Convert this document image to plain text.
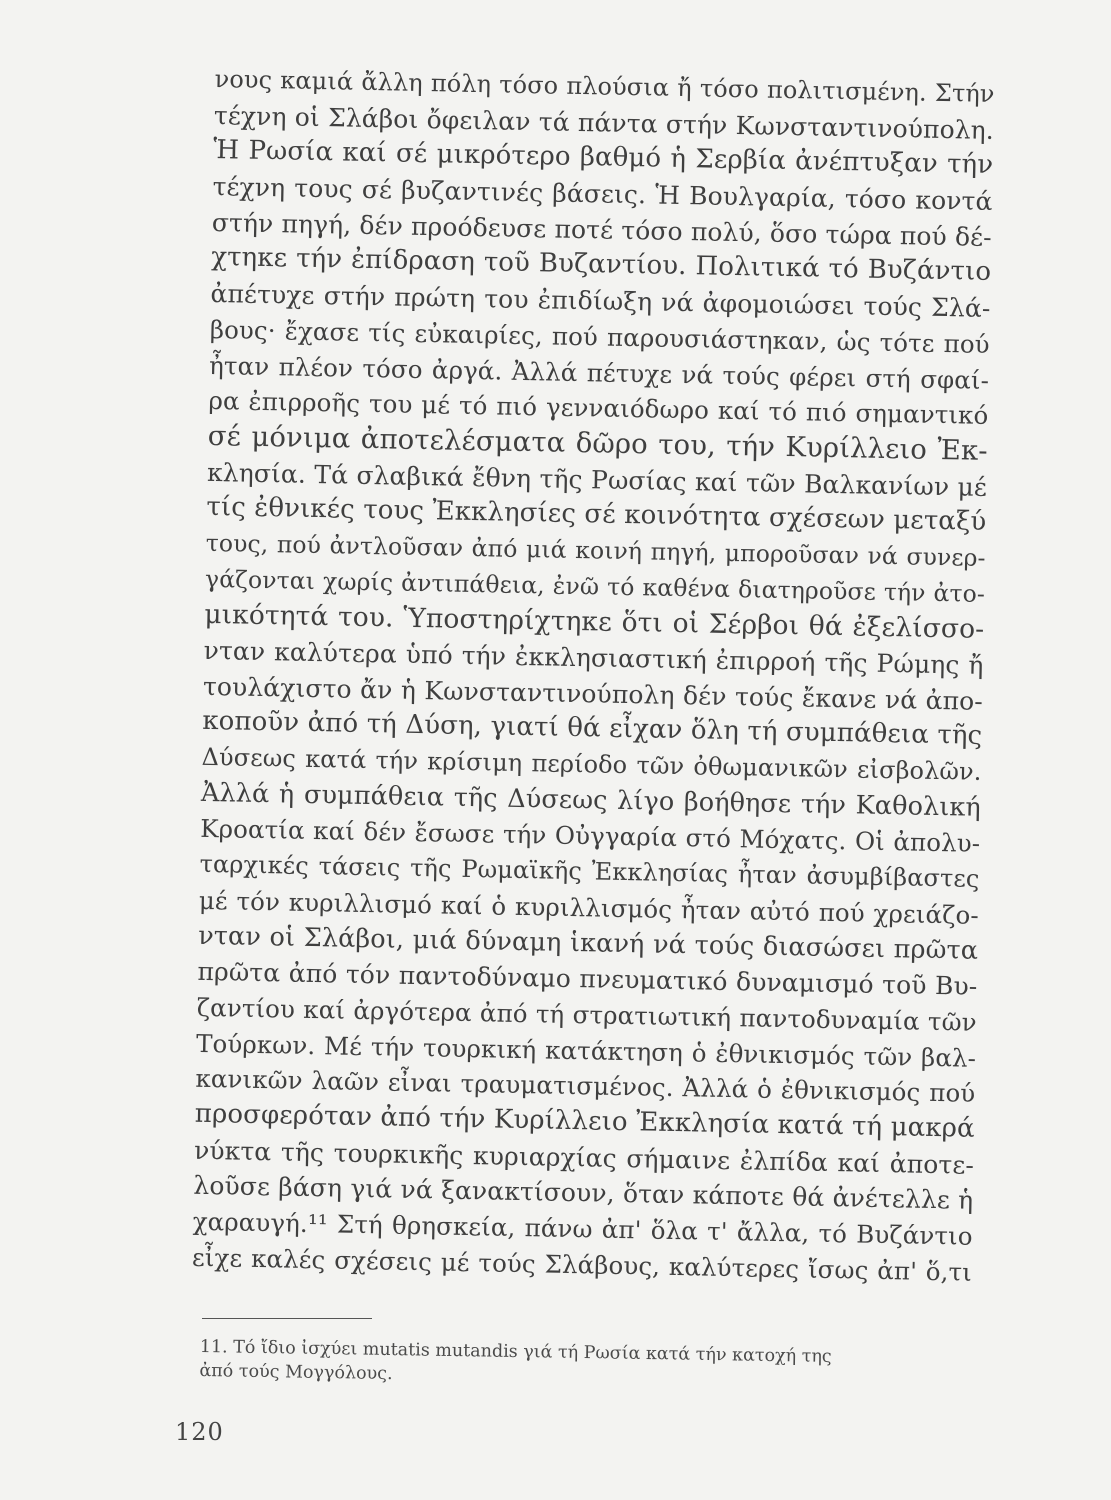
νους καμιά ἄλλη πόλη τόσο πλούσια ἤ τόσο πολιτισμένη. Στήν
τέχνη οἱ Σλάβοι ὄφειλαν τά πάντα στήν Κωνσταντινούπολη.
Ἡ Ρωσία καί σέ μικρότερο βαθμό ἡ Σερβία ἀνέπτυξαν τήν
τέχνη τους σέ βυζαντινές βάσεις. Ἡ Βουλγαρία, τόσο κοντά
στήν πηγή, δέν προόδευσε ποτέ τόσο πολύ, ὅσο τώρα πού δέ-
χτηκε τήν ἐπίδραση τοῦ Βυζαντίου. Πολιτικά τό Βυζάντιο
ἀπέτυχε στήν πρώτη του ἐπιδίωξη νά ἀφομοιώσει τούς Σλά-
βους· ἔχασε τίς εὐκαιρίες, πού παρουσιάστηκαν, ὡς τότε πού
ἦταν πλέον τόσο ἀργά. Ἀλλά πέτυχε νά τούς φέρει στή σφαί-
ρα ἐπιρροῆς του μέ τό πιό γενναιόδωρο καί τό πιό σημαντικό
σέ μόνιμα ἀποτελέσματα δῶρο του, τήν Κυρίλλειο Ἐκ-
κλησία. Τά σλαβικά ἔθνη τῆς Ρωσίας καί τῶν Βαλκανίων μέ
τίς ἐθνικές τους Ἐκκλησίες σέ κοινότητα σχέσεων μεταξύ
τους, πού ἀντλοῦσαν ἀπό μιά κοινή πηγή, μποροῦσαν νά συνερ-
γάζονται χωρίς ἀντιπάθεια, ἐνῶ τό καθένα διατηροῦσε τήν ἀτο-
μικότητά του. Ὑποστηρίχτηκε ὅτι οἱ Σέρβοι θά ἐξελίσσο-
νταν καλύτερα ὑπό τήν ἐκκλησιαστική ἐπιρροή τῆς Ρώμης ἤ
τουλάχιστο ἄν ἡ Κωνσταντινούπολη δέν τούς ἔκανε νά ἀπο-
κοποῦν ἀπό τή Δύση, γιατί θά εἶχαν ὅλη τή συμπάθεια τῆς
Δύσεως κατά τήν κρίσιμη περίοδο τῶν ὀθωμανικῶν εἰσβολῶν.
Ἀλλά ἡ συμπάθεια τῆς Δύσεως λίγο βοήθησε τήν Καθολική
Κροατία καί δέν ἔσωσε τήν Οὐγγαρία στό Μόχατς. Οἱ ἀπολυ-
ταρχικές τάσεις τῆς Ρωμαϊκῆς Ἐκκλησίας ἦταν ἀσυμβίβαστες
μέ τόν κυριλλισμό καί ὁ κυριλλισμός ἦταν αὐτό πού χρειάζο-
νταν οἱ Σλάβοι, μιά δύναμη ἱκανή νά τούς διασώσει πρῶτα
πρῶτα ἀπό τόν παντοδύναμο πνευματικό δυναμισμό τοῦ Βυ-
ζαντίου καί ἀργότερα ἀπό τή στρατιωτική παντοδυναμία τῶν
Τούρκων. Μέ τήν τουρκική κατάκτηση ὁ ἐθνικισμός τῶν βαλ-
κανικῶν λαῶν εἶναι τραυματισμένος. Ἀλλά ὁ ἐθνικισμός πού
προσφερόταν ἀπό τήν Κυρίλλειο Ἐκκλησία κατά τή μακρά
νύκτα τῆς τουρκικῆς κυριαρχίας σήμαινε ἐλπίδα καί ἀποτε-
λοῦσε βάση γιά νά ξανακτίσουν, ὅταν κάποτε θά ἀνέτελλε ἡ
χαραυγή.¹¹ Στή θρησκεία, πάνω ἀπ' ὅλα τ' ἄλλα, τό Βυζάντιο
εἶχε καλές σχέσεις μέ τούς Σλάβους, καλύτερες ἴσως ἀπ' ὅ,τι
11. Τό ἴδιο ἰσχύει mutatis mutandis γιά τή Ρωσία κατά τήν κατοχή της
ἀπό τούς Μογγόλους.
120
